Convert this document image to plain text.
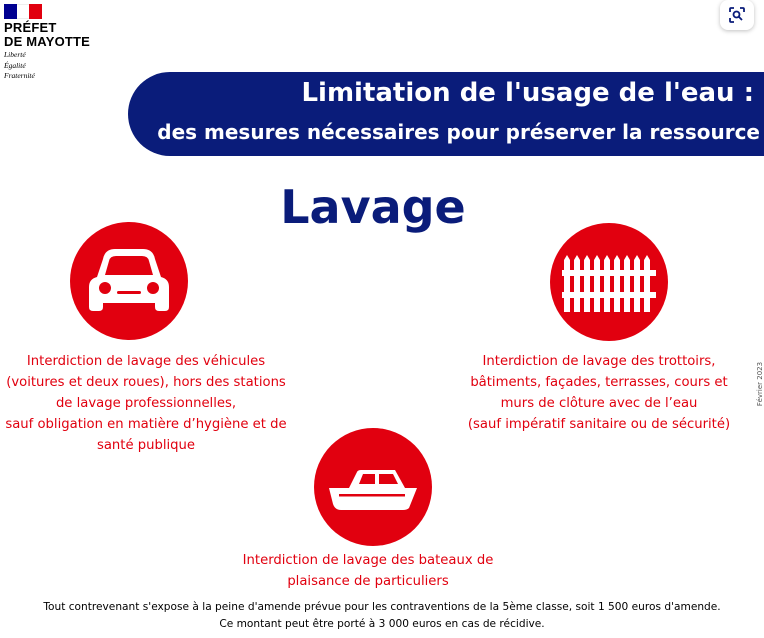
PRÉFET
DE MAYOTTE
Liberté
Égalité
Fraternité
Limitation de l'usage de l'eau :
des mesures nécessaires pour préserver la ressource
Lavage
Interdiction de lavage des véhicules
(voitures et deux roues), hors des stations
de lavage professionnelles,
sauf obligation en matière d’hygiène et de
santé publique
Interdiction de lavage des trottoirs,
bâtiments, façades, terrasses, cours et
murs de clôture avec de l’eau
(sauf impératif sanitaire ou de sécurité)
Interdiction de lavage des bateaux de
plaisance de particuliers
Février 2023
Tout contrevenant s'expose à la peine d'amende prévue pour les contraventions de la 5ème classe, soit 1 500 euros d'amende.
Ce montant peut être porté à 3 000 euros en cas de récidive.
